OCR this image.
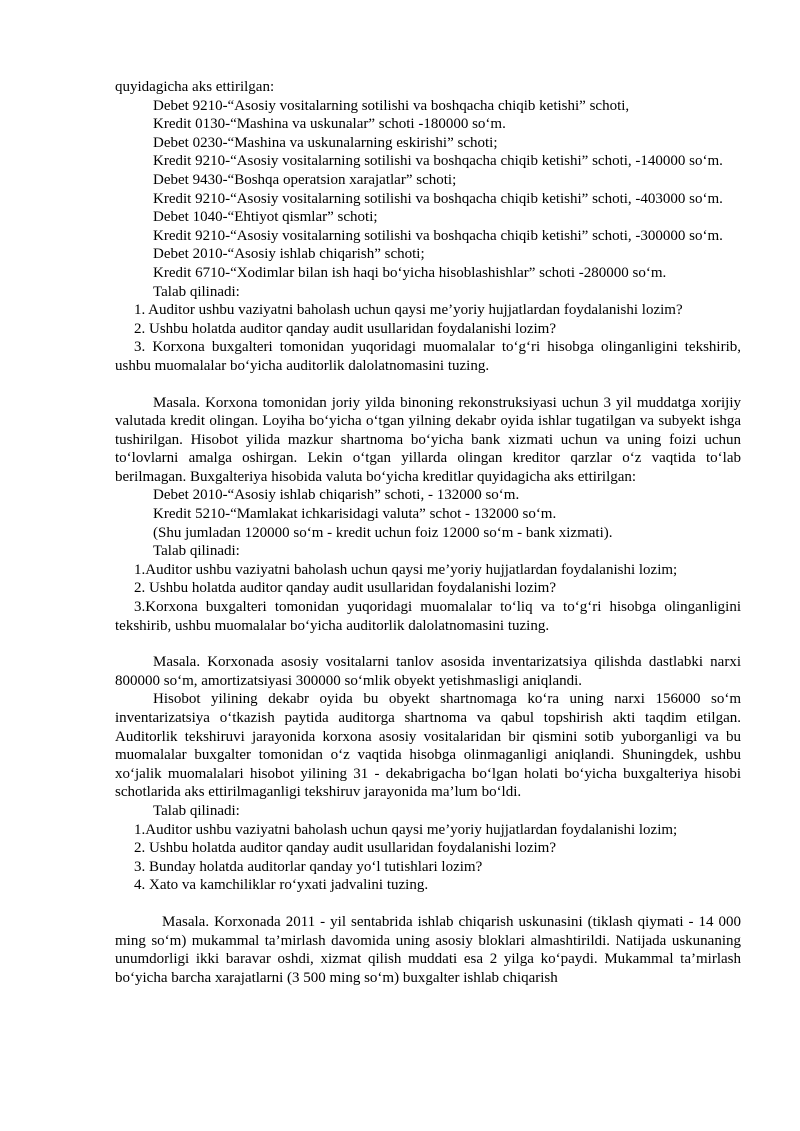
quyidagicha aks ettirilgan:

Debet 9210-“Asosiy vositalarning sotilishi va boshqacha chiqib ketishi” schoti,

Kredit 0130-“Mashina va uskunalar” schoti -180000 so‘m.

Debet 0230-“Mashina va uskunalarning eskirishi” schoti;

Kredit 9210-“Asosiy vositalarning sotilishi va boshqacha chiqib ketishi” schoti, -140000 so‘m.

Debet 9430-“Boshqa operatsion xarajatlar” schoti;

Kredit 9210-“Asosiy vositalarning sotilishi va boshqacha chiqib ketishi” schoti, -403000 so‘m.

Debet 1040-“Ehtiyot qismlar” schoti;

Kredit 9210-“Asosiy vositalarning sotilishi va boshqacha chiqib ketishi” schoti, -300000 so‘m.

Debet 2010-“Asosiy ishlab chiqarish” schoti;

Kredit 6710-“Xodimlar bilan ish haqi bo‘yicha hisoblashishlar” schoti -280000 so‘m.

Talab qilinadi:

1. Auditor ushbu vaziyatni baholash uchun qaysi me’yoriy hujjatlardan foydalanishi lozim?

2. Ushbu holatda auditor qanday audit usullaridan foydalanishi lozim?

3. Korxona buxgalteri tomonidan yuqoridagi muomalalar to‘g‘ri hisobga olinganligini tekshirib, ushbu muomalalar bo‘yicha auditorlik dalolatnomasini tuzing.

Masala. Korxona tomonidan joriy yilda binoning rekonstruksiyasi uchun 3 yil muddatga xorijiy valutada kredit olingan. Loyiha bo‘yicha o‘tgan yilning dekabr oyida ishlar tugatilgan va subyekt ishga tushirilgan. Hisobot yilida mazkur shartnoma bo‘yicha bank xizmati uchun va uning foizi uchun to‘lovlarni amalga oshirgan. Lekin o‘tgan yillarda olingan kreditor qarzlar o‘z vaqtida to‘lab berilmagan. Buxgalteriya hisobida valuta bo‘yicha kreditlar quyidagicha aks ettirilgan:

Debet 2010-“Asosiy ishlab chiqarish” schoti, - 132000 so‘m.

Kredit 5210-“Mamlakat ichkarisidagi valuta” schot - 132000 so‘m.

(Shu jumladan 120000 so‘m - kredit uchun foiz 12000 so‘m - bank xizmati).

Talab qilinadi:

1.Auditor ushbu vaziyatni baholash uchun qaysi me’yoriy hujjatlardan foydalanishi lozim;

2. Ushbu holatda auditor qanday audit usullaridan foydalanishi lozim?

3.Korxona buxgalteri tomonidan yuqoridagi muomalalar to‘liq va to‘g‘ri hisobga olinganligini tekshirib, ushbu muomalalar bo‘yicha auditorlik dalolatnomasini tuzing.

Masala. Korxonada asosiy vositalarni tanlov asosida inventarizatsiya qilishda dastlabki narxi 800000 so‘m, amortizatsiyasi 300000 so‘mlik obyekt yetishmasligi aniqlandi.

Hisobot yilining dekabr oyida bu obyekt shartnomaga ko‘ra uning narxi 156000 so‘m inventarizatsiya o‘tkazish paytida auditorga shartnoma va qabul topshirish akti taqdim etilgan. Auditorlik tekshiruvi jarayonida korxona asosiy vositalaridan bir qismini sotib yuborganligi va bu muomalalar buxgalter tomonidan o‘z vaqtida hisobga olinmaganligi aniqlandi. Shuningdek, ushbu xo‘jalik muomalalari hisobot yilining 31 - dekabrigacha bo‘lgan holati bo‘yicha buxgalteriya hisobi schotlarida aks ettirilmaganligi tekshiruv jarayonida ma’lum bo‘ldi.

Talab qilinadi:

1.Auditor ushbu vaziyatni baholash uchun qaysi me’yoriy hujjatlardan foydalanishi lozim;

2. Ushbu holatda auditor qanday audit usullaridan foydalanishi lozim?

3. Bunday holatda auditorlar qanday yo‘l tutishlari lozim?

4. Xato va kamchiliklar ro‘yxati jadvalini tuzing.

Masala. Korxonada 2011 - yil sentabrida ishlab chiqarish uskunasini (tiklash qiymati - 14 000 ming so‘m) mukammal ta’mirlash davomida uning asosiy bloklari almashtirildi. Natijada uskunaning unumdorligi ikki baravar oshdi, xizmat qilish muddati esa 2 yilga ko‘paydi. Mukammal ta’mirlash bo‘yicha barcha xarajatlarni (3 500 ming so‘m) buxgalter ishlab chiqarish
